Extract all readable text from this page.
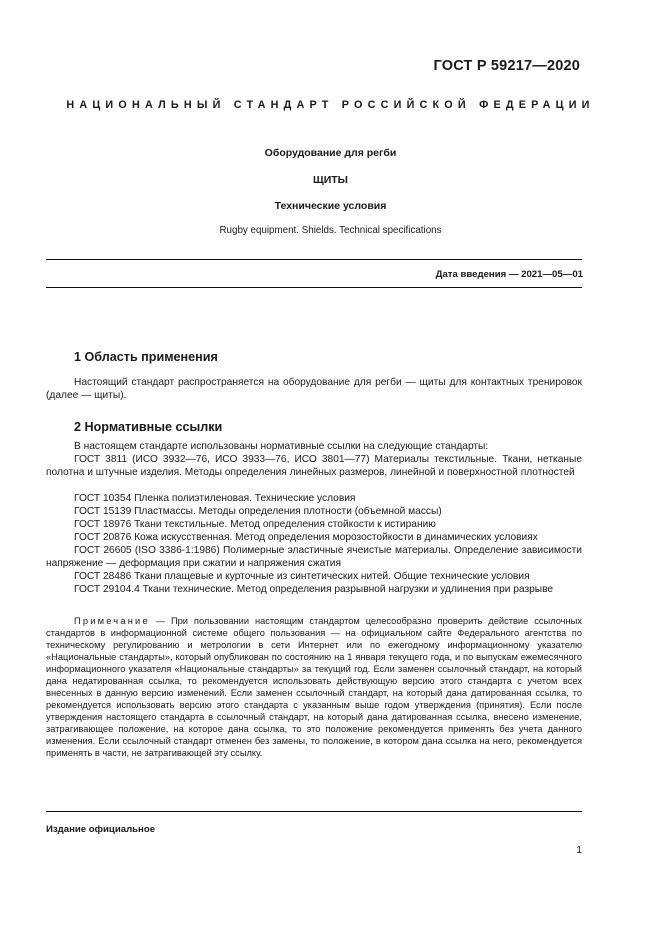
ГОСТ Р 59217—2020
НАЦИОНАЛЬНЫЙ СТАНДАРТ РОССИЙСКОЙ ФЕДЕРАЦИИ
Оборудование для регби
ЩИТЫ
Технические условия
Rugby equipment. Shields. Technical specifications
Дата введения — 2021—05—01
1 Область применения
Настоящий стандарт распространяется на оборудование для регби — щиты для контактных тренировок (далее — щиты).
2 Нормативные ссылки
В настоящем стандарте использованы нормативные ссылки на следующие стандарты:
ГОСТ 3811 (ИСО 3932—76, ИСО 3933—76, ИСО 3801—77) Материалы текстильные. Ткани, нетканые полотна и штучные изделия. Методы определения линейных размеров, линейной и поверхностной плотностей
ГОСТ 10354 Пленка полиэтиленовая. Технические условия
ГОСТ 15139 Пластмассы. Методы определения плотности (объемной массы)
ГОСТ 18976 Ткани текстильные. Метод определения стойкости к истиранию
ГОСТ 20876 Кожа искусственная. Метод определения морозостойкости в динамических условиях
ГОСТ 26605 (ISO 3386-1:1986) Полимерные эластичные ячеистые материалы. Определение зависимости напряжение — деформация при сжатии и напряжения сжатия
ГОСТ 28486 Ткани плащевые и курточные из синтетических нитей. Общие технические условия
ГОСТ 29104.4 Ткани технические. Метод определения разрывной нагрузки и удлинения при разрыве
Примечание — При пользовании настоящим стандартом целесообразно проверить действие ссылочных стандартов в информационной системе общего пользования — на официальном сайте Федерального агентства по техническому регулированию и метрологии в сети Интернет или по ежегодному информационному указателю «Национальные стандарты», который опубликован по состоянию на 1 января текущего года, и по выпускам ежемесячного информационного указателя «Национальные стандарты» за текущий год. Если заменен ссылочный стандарт, на который дана недатированная ссылка, то рекомендуется использовать действующую версию этого стандарта с учетом всех внесенных в данную версию изменений. Если заменен ссылочный стандарт, на который дана датированная ссылка, то рекомендуется использовать версию этого стандарта с указанным выше годом утверждения (принятия). Если после утверждения настоящего стандарта в ссылочный стандарт, на который дана датированная ссылка, внесено изменение, затрагивающее положение, на которое дана ссылка, то это положение рекомендуется применять без учета данного изменения. Если ссылочный стандарт отменен без замены, то положение, в котором дана ссылка на него, рекомендуется применять в части, не затрагивающей эту ссылку.
Издание официальное
1
